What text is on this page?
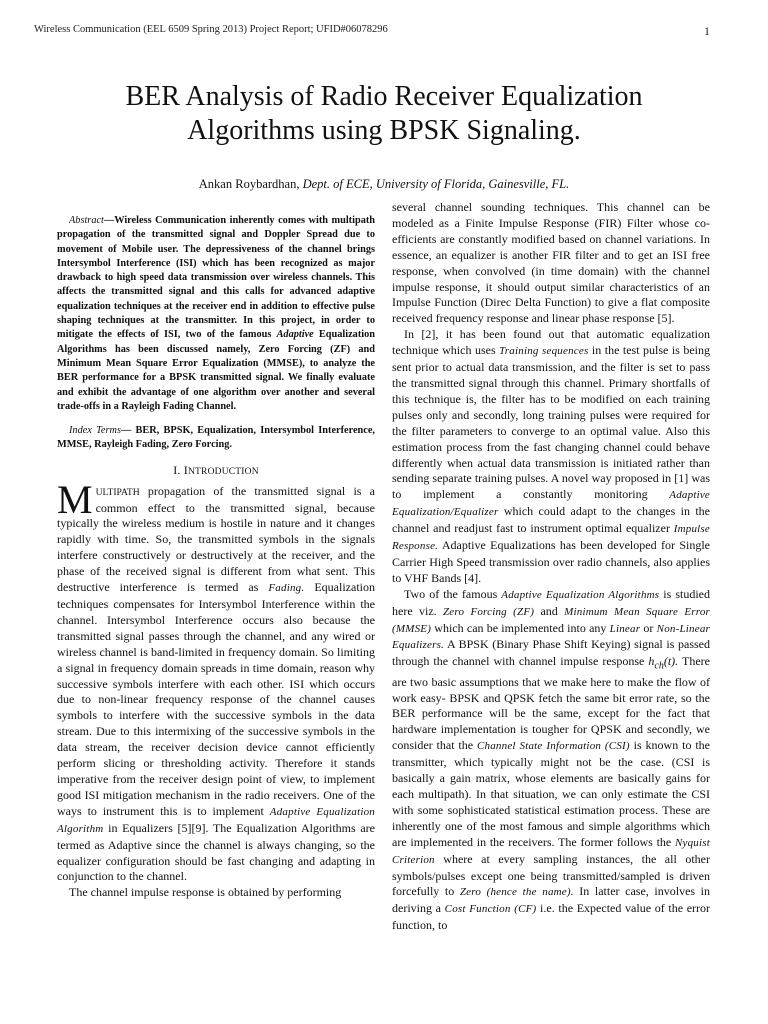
Wireless Communication (EEL 6509 Spring 2013) Project Report; UFID#06078296	1
BER Analysis of Radio Receiver Equalization
Algorithms using BPSK Signaling.
Ankan Roybardhan, Dept. of ECE, University of Florida, Gainesville, FL.

Abstract—Wireless Communication inherently comes with multipath propagation of the transmitted signal and Doppler Spread due to movement of Mobile user. The depressiveness of the channel brings Intersymbol Interference (ISI) which has been recognized as major drawback to high speed data transmission over wireless channels. This affects the transmitted signal and this calls for advanced adaptive equalization techniques at the receiver end in addition to effective pulse shaping techniques at the transmitter. In this project, in order to mitigate the effects of ISI, two of the famous Adaptive Equalization Algorithms has been discussed namely, Zero Forcing (ZF) and Minimum Mean Square Error Equalization (MMSE), to analyze the BER performance for a BPSK transmitted signal. We finally evaluate and exhibit the advantage of one algorithm over another and several trade-offs in a Rayleigh Fading Channel.

Index Terms— BER, BPSK, Equalization, Intersymbol Interference, MMSE, Rayleigh Fading, Zero Forcing.

I. INTRODUCTION

MULTIPATH propagation of the transmitted signal is a common effect to the transmitted signal, because typically the wireless medium is hostile in nature and it changes rapidly with time. So, the transmitted symbols in the signals interfere constructively or destructively at the receiver, and the phase of the received signal is different from what sent. This destructive interference is termed as Fading. Equalization techniques compensates for Intersymbol Interference within the channel. Intersymbol Interference occurs also because the transmitted signal passes through the channel, and any wired or wireless channel is band-limited in frequency domain. So limiting a signal in frequency domain spreads in time domain, reason why successive symbols interfere with each other. ISI which occurs due to non-linear frequency response of the channel causes symbols to interfere with the successive symbols in the data stream. Due to this intermixing of the successive symbols in the data stream, the receiver decision device cannot efficiently perform slicing or thresholding activity. Therefore it stands imperative from the receiver design point of view, to implement good ISI mitigation mechanism in the radio receivers. One of the ways to instrument this is to implement Adaptive Equalization Algorithm in Equalizers [5][9]. The Equalization Algorithms are termed as Adaptive since the channel is always changing, so the equalizer configuration should be fast changing and adapting in conjunction to the channel.

The channel impulse response is obtained by performing

several channel sounding techniques. This channel can be modeled as a Finite Impulse Response (FIR) Filter whose co-efficients are constantly modified based on channel variations. In essence, an equalizer is another FIR filter and to get an ISI free response, when convolved (in time domain) with the channel impulse response, it should output similar characteristics of an Impulse Function (Direc Delta Function) to give a flat composite received frequency response and linear phase response [5].

In [2], it has been found out that automatic equalization technique which uses Training sequences in the test pulse is being sent prior to actual data transmission, and the filter is set to pass the transmitted signal through this channel. Primary shortfalls of this technique is, the filter has to be modified on each training pulses only and secondly, long training pulses were required for the filter parameters to converge to an optimal value. Also this estimation process from the fast changing channel could behave differently when actual data transmission is initiated rather than sending separate training pulses. A novel way proposed in [1] was to implement a constantly monitoring Adaptive Equalization/Equalizer which could adapt to the changes in the channel and readjust fast to instrument optimal equalizer Impulse Response. Adaptive Equalizations has been developed for Single Carrier High Speed transmission over radio channels, also applies to VHF Bands [4].

Two of the famous Adaptive Equalization Algorithms is studied here viz. Zero Forcing (ZF) and Minimum Mean Square Error (MMSE) which can be implemented into any Linear or Non-Linear Equalizers. A BPSK (Binary Phase Shift Keying) signal is passed through the channel with channel impulse response $h_{ch}(t)$. There are two basic assumptions that we make here to make the flow of work easy- BPSK and QPSK fetch the same bit error rate, so the BER performance will be the same, except for the fact that hardware implementation is tougher for QPSK and secondly, we consider that the Channel State Information (CSI) is known to the transmitter, which typically might not be the case. (CSI is basically a gain matrix, whose elements are basically gains for each multipath). In that situation, we can only estimate the CSI with some sophisticated statistical estimation process. These are inherently one of the most famous and simple algorithms which are implemented in the receivers. The former follows the Nyquist Criterion where at every sampling instances, the all other symbols/pulses except one being transmitted/sampled is driven forcefully to Zero (hence the name). In latter case, involves in deriving a Cost Function (CF) i.e. the Expected value of the error function, to
